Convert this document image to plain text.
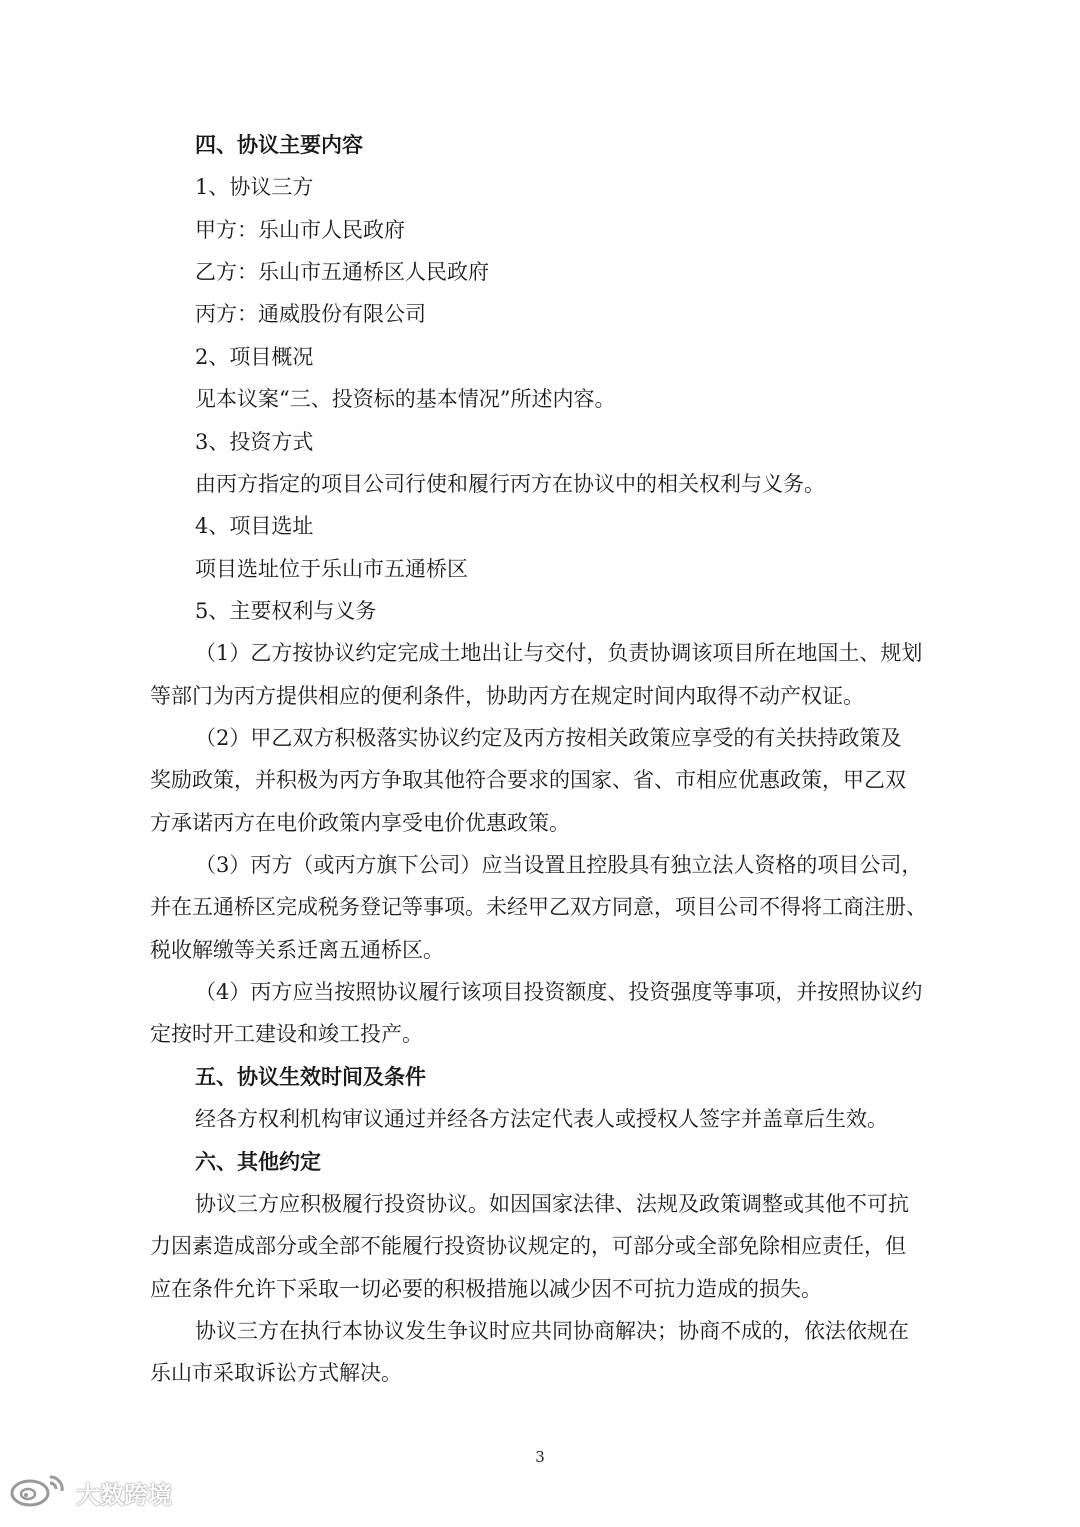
四、协议主要内容

1、协议三方

甲方：乐山市人民政府

乙方：乐山市五通桥区人民政府

丙方：通威股份有限公司

2、项目概况

见本议案“三、投资标的基本情况”所述内容。

3、投资方式

由丙方指定的项目公司行使和履行丙方在协议中的相关权利与义务。

4、项目选址

项目选址位于乐山市五通桥区

5、主要权利与义务

（1）乙方按协议约定完成土地出让与交付，负责协调该项目所在地国土、规划

等部门为丙方提供相应的便利条件，协助丙方在规定时间内取得不动产权证。

（2）甲乙双方积极落实协议约定及丙方按相关政策应享受的有关扶持政策及

奖励政策，并积极为丙方争取其他符合要求的国家、省、市相应优惠政策，甲乙双

方承诺丙方在电价政策内享受电价优惠政策。

（3）丙方（或丙方旗下公司）应当设置且控股具有独立法人资格的项目公司，

并在五通桥区完成税务登记等事项。未经甲乙双方同意，项目公司不得将工商注册、

税收解缴等关系迁离五通桥区。

（4）丙方应当按照协议履行该项目投资额度、投资强度等事项，并按照协议约

定按时开工建设和竣工投产。

五、协议生效时间及条件

经各方权利机构审议通过并经各方法定代表人或授权人签字并盖章后生效。

六、其他约定

协议三方应积极履行投资协议。如因国家法律、法规及政策调整或其他不可抗

力因素造成部分或全部不能履行投资协议规定的，可部分或全部免除相应责任，但

应在条件允许下采取一切必要的积极措施以减少因不可抗力造成的损失。

协议三方在执行本协议发生争议时应共同协商解决；协商不成的，依法依规在

乐山市采取诉讼方式解决。

3
大数跨境
